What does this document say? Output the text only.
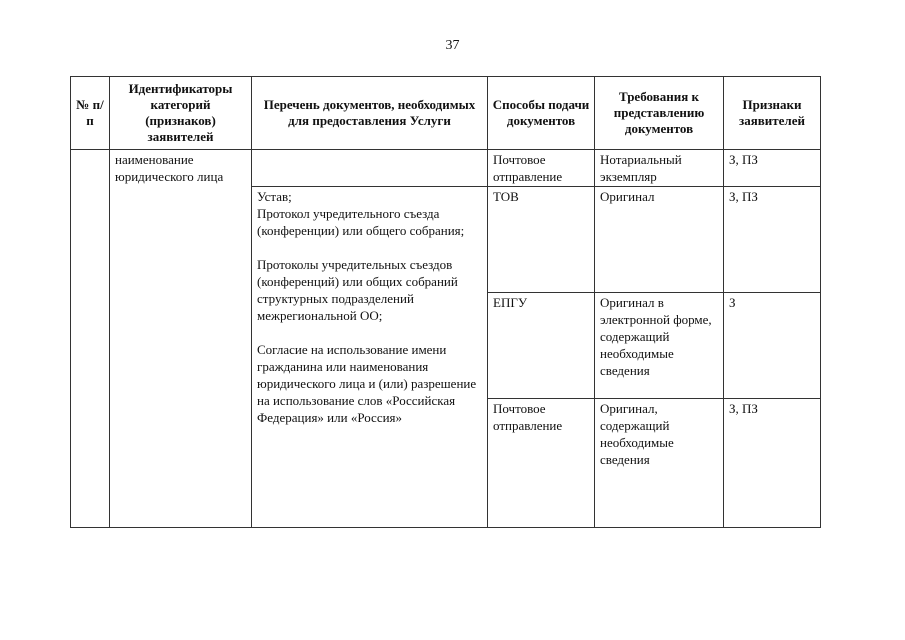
37
№ п/п	Идентификаторы категорий (признаков) заявителей	Перечень документов, необходимых для предоставления Услуги	Способы подачи документов	Требования к представлению документов	Признаки заявителей
	наименование юридического лица		Почтовое отправление	Нотариальный экземпляр	З, ПЗ

		Устав;
Протокол учредительного съезда (конференции) или общего собрания;

Протоколы учредительных съездов (конференций) или общих собраний структурных подразделений межрегиональной ОО;

Согласие на использование имени гражданина или наименования юридического лица и (или) разрешение на использование слов «Российская Федерация» или «Россия»	ТОВ	Оригинал	З, ПЗ
			ЕПГУ	Оригинал в электронной форме, содержащий необходимые сведения	З
			Почтовое отправление	Оригинал, содержащий необходимые сведения	З, ПЗ
